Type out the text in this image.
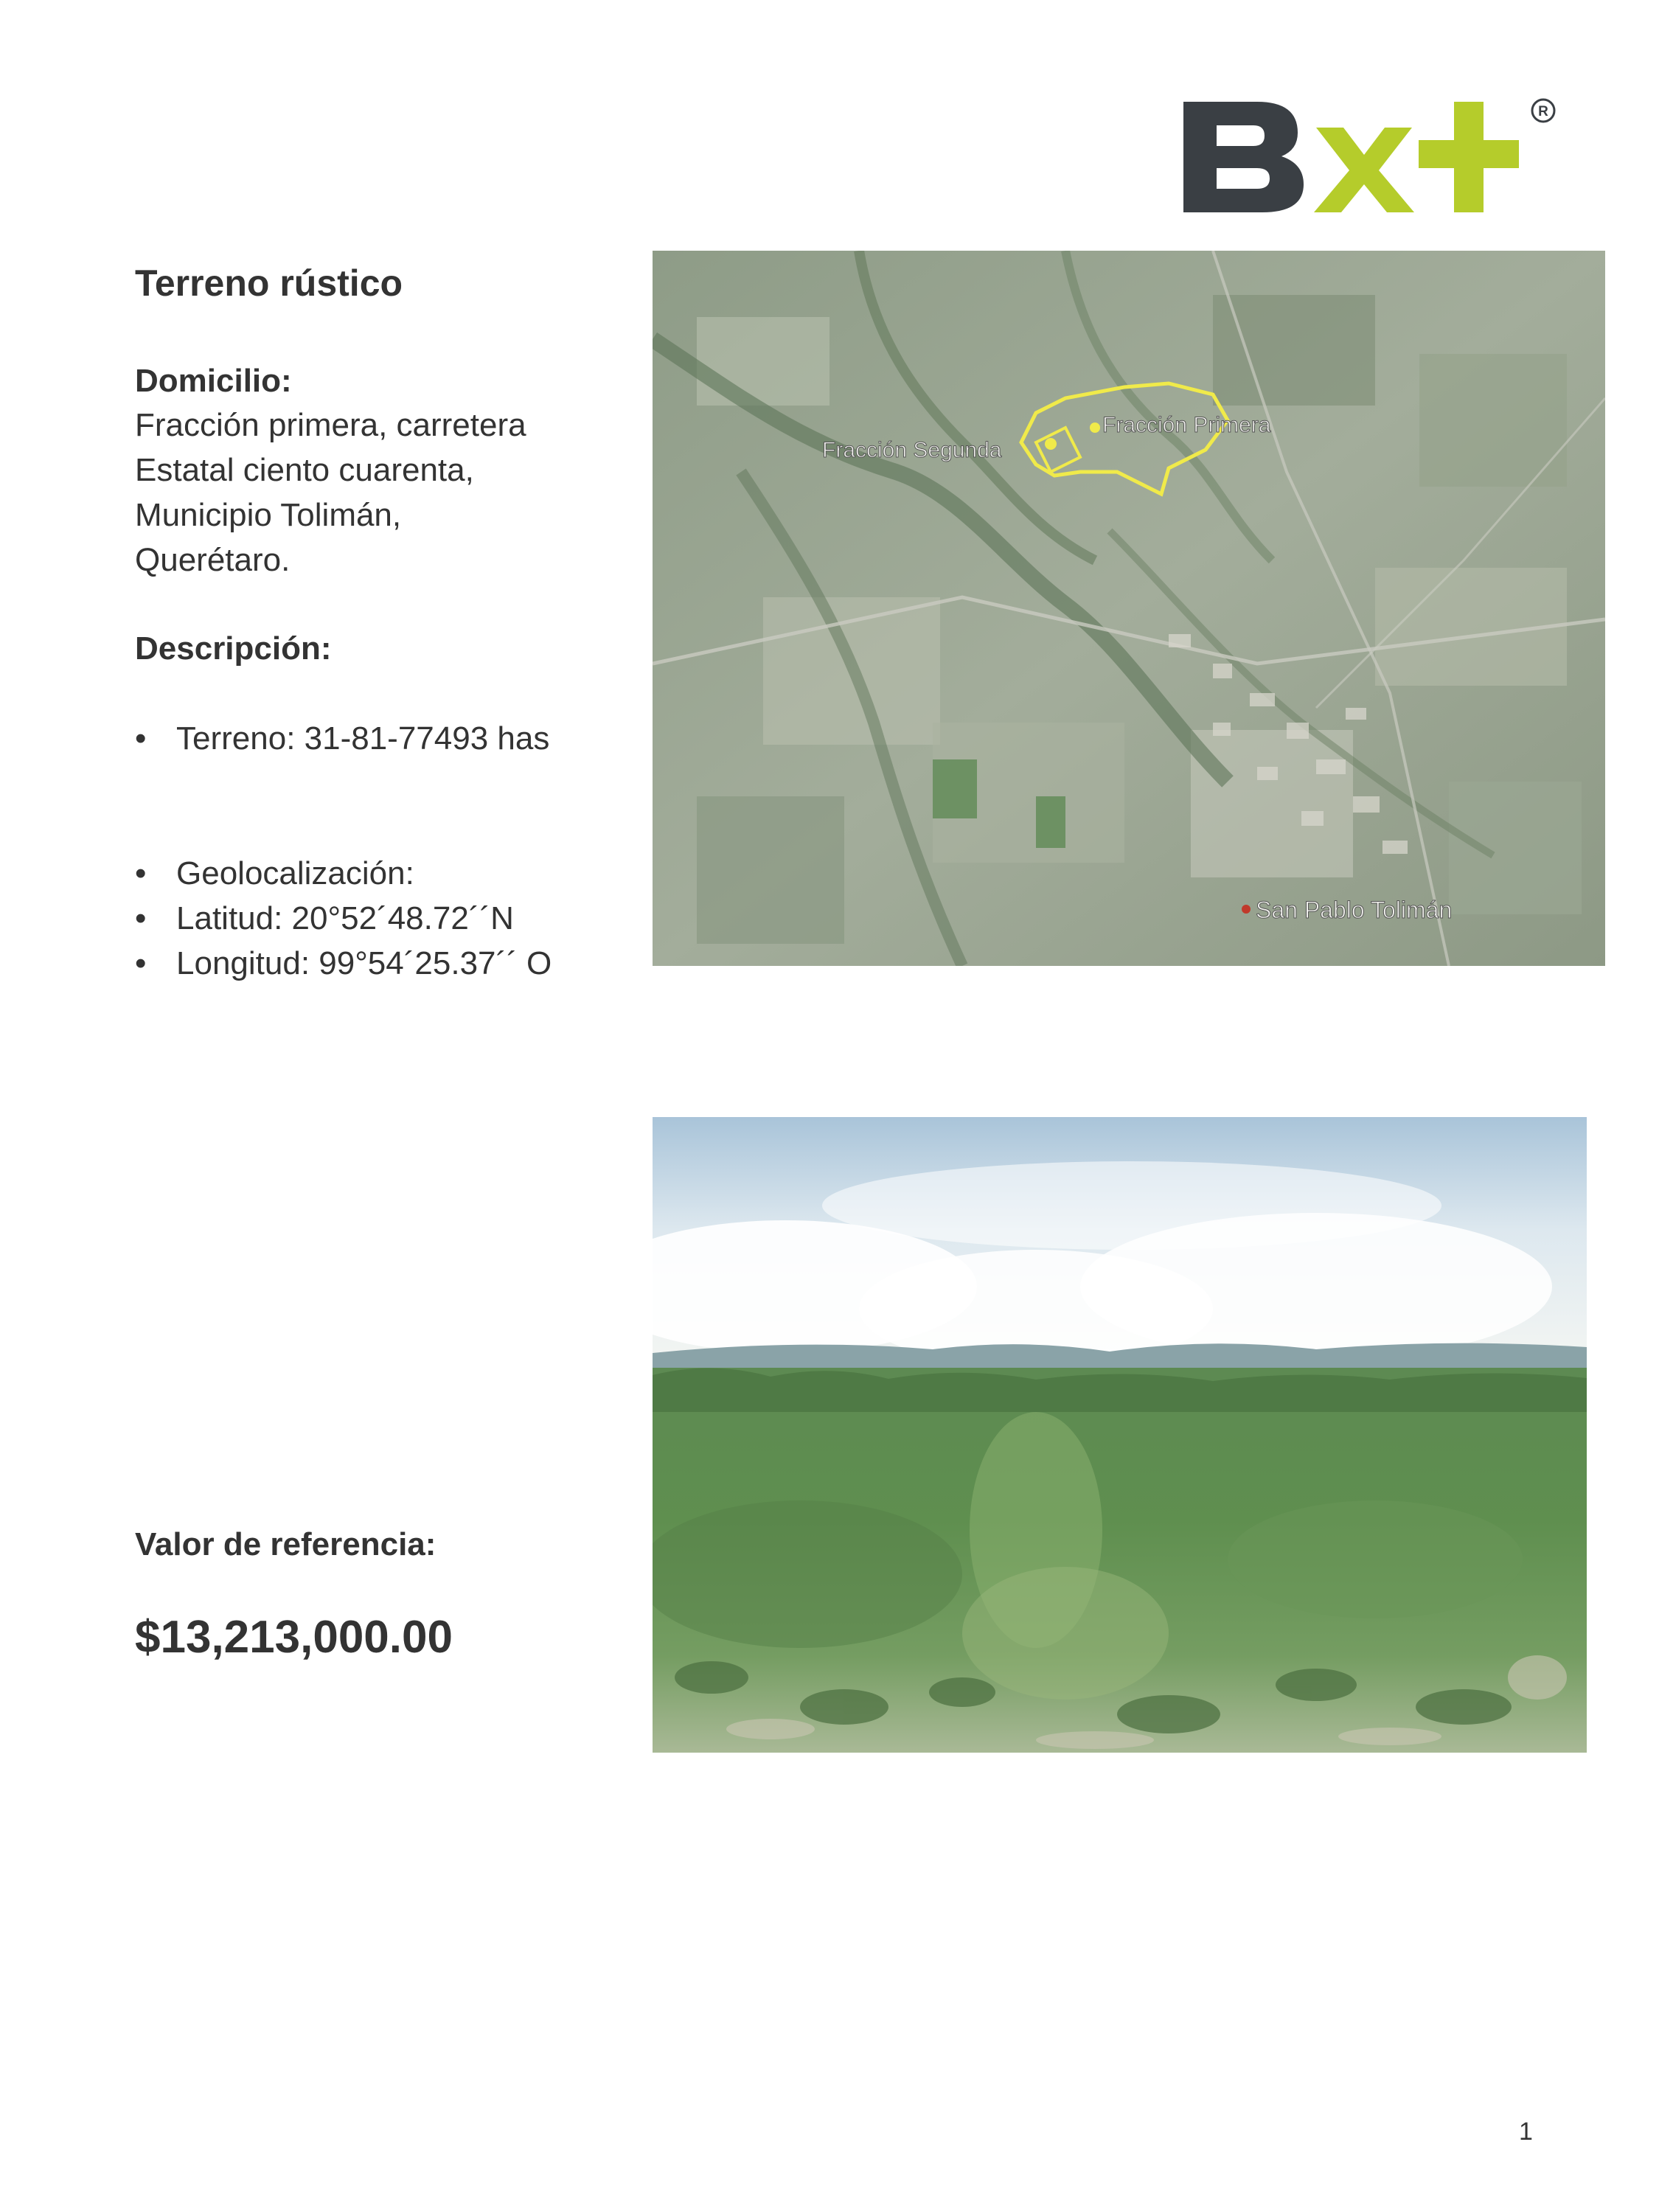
R
Terreno rústico
Domicilio:
Fracción primera, carretera
Estatal ciento cuarenta,
Municipio Tolimán,
Querétaro.
Descripción:
• Terreno: 31-81-77493 has
• Geolocalización:
• Latitud: 20°52´48.72´´N
• Longitud: 99°54´25.37´´ O
Valor de referencia:
$13,213,000.00
Fracción Primera
Fracción Segunda
San Pablo Tolimán
1
